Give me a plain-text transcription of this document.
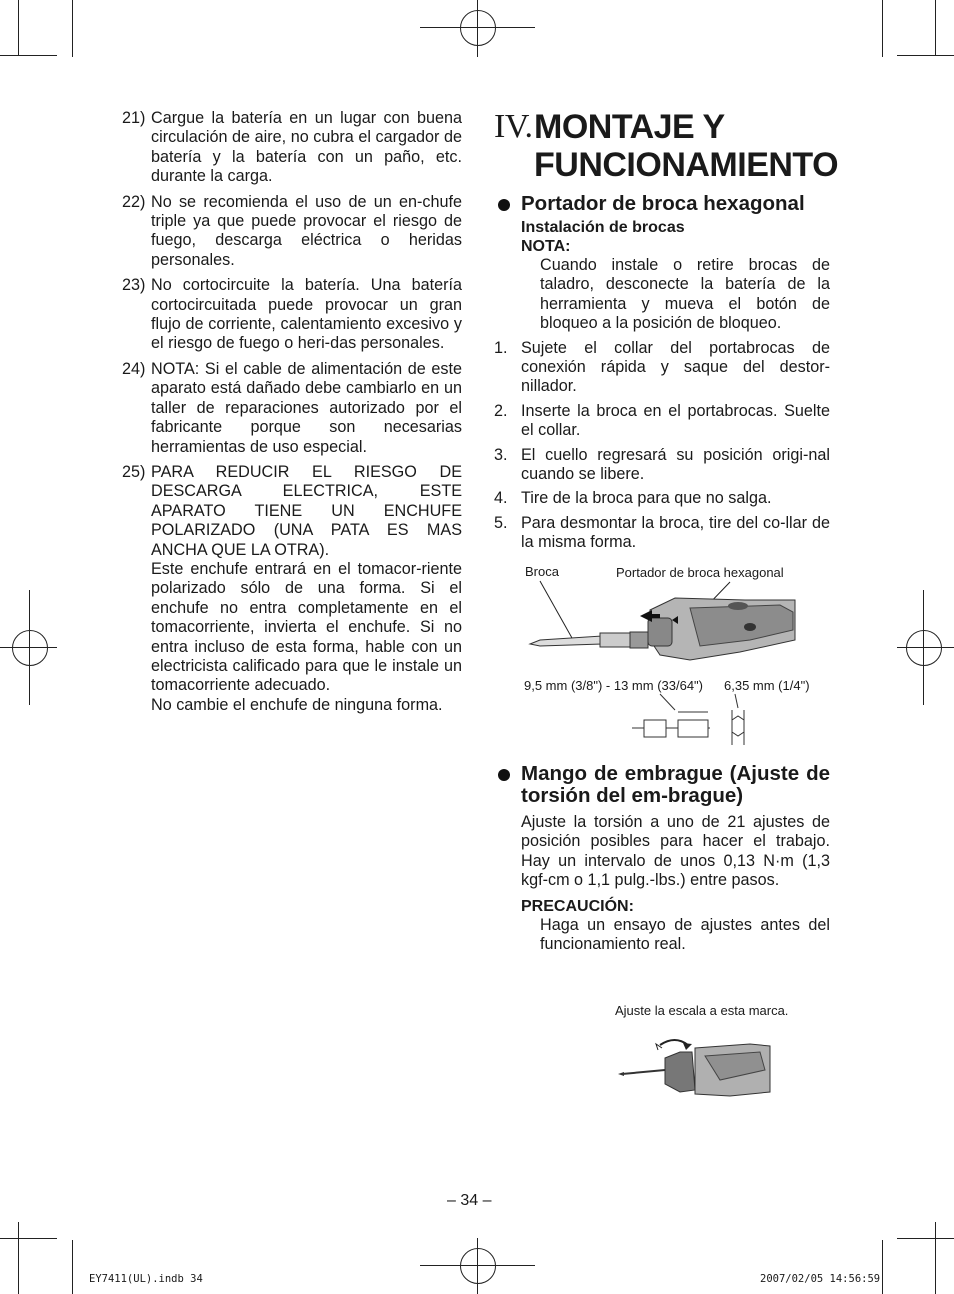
21) Cargue la batería en un lugar con buena circulación de aire, no cubra el cargador de batería y la batería con un paño, etc. durante la carga.

22) No se recomienda el uso de un en-chufe triple ya que puede provocar el riesgo de fuego, descarga eléctrica o heridas personales.

23) No cortocircuite la batería. Una batería cortocircuitada puede provocar un gran flujo de corriente, calentamiento excesivo y el riesgo de fuego o heri-das personales.

24) NOTA: Si el cable de alimentación de este aparato está dañado debe cambiarlo en un taller de reparaciones autorizado por el fabricante porque son necesarias herramientas de uso especial.

25) PARA REDUCIR EL RIESGO DE DESCARGA ELECTRICA, ESTE APARATO TIENE UN ENCHUFE POLARIZADO (UNA PATA ES MAS ANCHA QUE LA OTRA).

Este enchufe entrará en el tomacor-riente polarizado sólo de una forma. Si el enchufe no entra completamente en el tomacorriente, invierta el enchufe. Si no entra incluso de esta forma, hable con un electricista calificado para que le instale un tomacorriente adecuado.

No cambie el enchufe de ninguna forma.

IV. MONTAJE Y
FUNCIONAMIENTO
Portador de broca hexagonal
Instalación de brocas
NOTA:
Cuando instale o retire brocas de taladro, desconecte la batería de la herramienta y mueva el botón de bloqueo a la posición de bloqueo.
1. Sujete el collar del portabrocas de conexión rápida y saque del destor-nillador.
2. Inserte la broca en el portabrocas. Suelte el collar.
3. El cuello regresará su posición origi-nal cuando se libere.
4. Tire de la broca para que no salga.
5. Para desmontar la broca, tire del co-llar de la misma forma.
Broca	Portador de broca hexagonal
9,5 mm (3/8") - 13 mm (33/64") 6,35 mm (1/4")
Mango de embrague (Ajuste de torsión del em-brague)
Ajuste la torsión a uno de 21 ajustes de posición posibles para hacer el trabajo. Hay un intervalo de unos 0,13 N·m (1,3 kgf-cm o 1,1 pulg.-lbs.) entre pasos.
PRECAUCIÓN:
Haga un ensayo de ajustes antes del funcionamiento real.
Ajuste la escala a esta marca.
– 34 –
EY7411(UL).indb 34	2007/02/05 14:56:59
